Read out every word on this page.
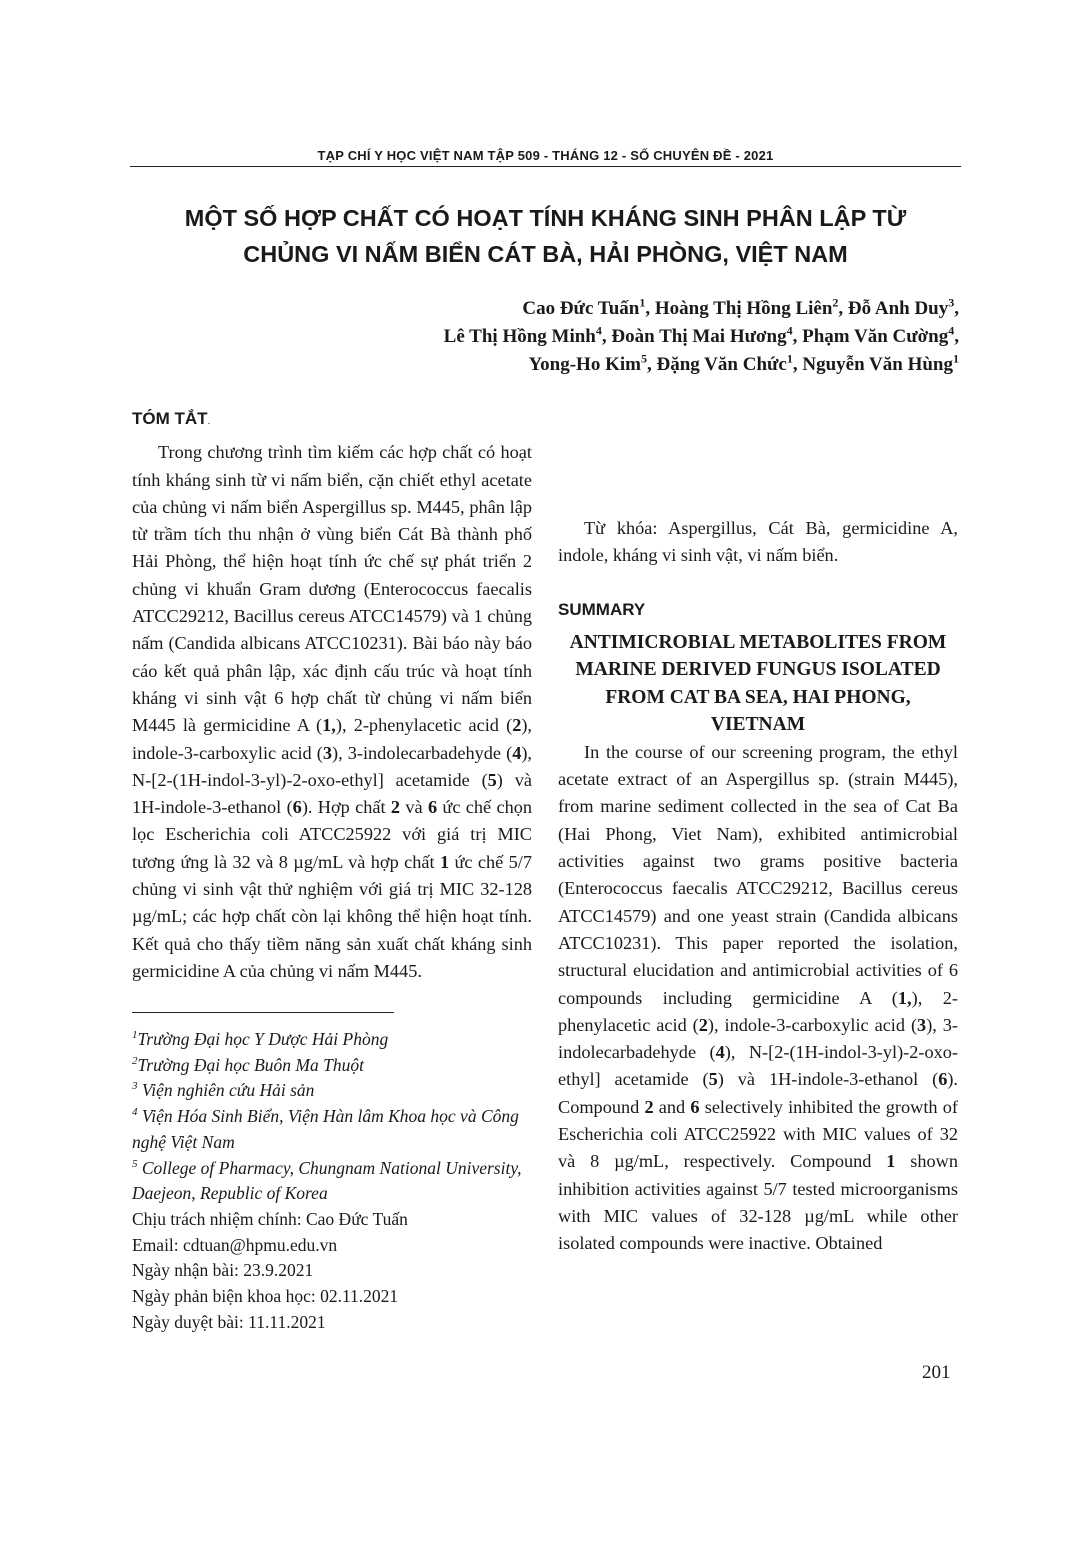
TẠP CHÍ Y HỌC VIỆT NAM TẬP 509 - THÁNG 12 - SỐ CHUYÊN ĐỀ - 2021
MỘT SỐ HỢP CHẤT CÓ HOẠT TÍNH KHÁNG SINH PHÂN LẬP TỪ
CHỦNG VI NẤM BIỂN CÁT BÀ, HẢI PHÒNG, VIỆT NAM
Cao Đức Tuấn$^1$, Hoàng Thị Hồng Liên$^2$, Đỗ Anh Duy$^3$,
Lê Thị Hồng Minh$^4$, Đoàn Thị Mai Hương$^4$, Phạm Văn Cường$^4$,
Yong-Ho Kim$^5$, Đặng Văn Chức$^1$, Nguyễn Văn Hùng$^1$
TÓM TẮT.

Trong chương trình tìm kiếm các hợp chất có hoạt tính kháng sinh từ vi nấm biển, cặn chiết ethyl acetate của chủng vi nấm biển Aspergillus sp. M445, phân lập từ trầm tích thu nhận ở vùng biển Cát Bà thành phố Hải Phòng, thể hiện hoạt tính ức chế sự phát triển 2 chủng vi khuẩn Gram dương (Enterococcus faecalis ATCC29212, Bacillus cereus ATCC14579) và 1 chủng nấm (Candida albicans ATCC10231). Bài báo này báo cáo kết quả phân lập, xác định cấu trúc và hoạt tính kháng vi sinh vật 6 hợp chất từ chủng vi nấm biển M445 là germicidine A (1,), 2-phenylacetic acid (2), indole-3-carboxylic acid (3), 3-indolecarbadehyde (4), N-[2-(1H-indol-3-yl)-2-oxo-ethyl] acetamide (5) và 1H-indole-3-ethanol (6). Hợp chất 2 và 6 ức chế chọn lọc Escherichia coli ATCC25922 với giá trị MIC tương ứng là 32 và 8 µg/mL và hợp chất 1 ức chế 5/7 chủng vi sinh vật thử nghiệm với giá trị MIC 32-128 µg/mL; các hợp chất còn lại không thể hiện hoạt tính. Kết quả cho thấy tiềm năng sản xuất chất kháng sinh germicidine A của chủng vi nấm M445.

$^1$Trường Đại học Y Dược Hải Phòng
$^2$Trường Đại học Buôn Ma Thuột
$^3$ Viện nghiên cứu Hải sản
$^4$ Viện Hóa Sinh Biển, Viện Hàn lâm Khoa học và Công nghệ Việt Nam
$^5$ College of Pharmacy, Chungnam National University, Daejeon, Republic of Korea
Chịu trách nhiệm chính: Cao Đức Tuấn
Email: cdtuan@hpmu.edu.vn
Ngày nhận bài: 23.9.2021
Ngày phản biện khoa học: 02.11.2021
Ngày duyệt bài: 11.11.2021

Từ khóa: Aspergillus, Cát Bà, germicidine A, indole, kháng vi sinh vật, vi nấm biển.

SUMMARY
ANTIMICROBIAL METABOLITES FROM MARINE DERIVED FUNGUS ISOLATED FROM CAT BA SEA, HAI PHONG, VIETNAM

In the course of our screening program, the ethyl acetate extract of an Aspergillus sp. (strain M445), from marine sediment collected in the sea of Cat Ba (Hai Phong, Viet Nam), exhibited antimicrobial activities against two grams positive bacteria (Enterococcus faecalis ATCC29212, Bacillus cereus ATCC14579) and one yeast strain (Candida albicans ATCC10231). This paper reported the isolation, structural elucidation and antimicrobial activities of 6 compounds including germicidine A (1,), 2-phenylacetic acid (2), indole-3-carboxylic acid (3), 3-indolecarbadehyde (4), N-[2-(1H-indol-3-yl)-2-oxo-ethyl] acetamide (5) và 1H-indole-3-ethanol (6). Compound 2 and 6 selectively inhibited the growth of Escherichia coli ATCC25922 with MIC values of 32 và 8 µg/mL, respectively. Compound 1 shown inhibition activities against 5/7 tested microorganisms with MIC values of 32-128 µg/mL while other isolated compounds were inactive. Obtained

201
